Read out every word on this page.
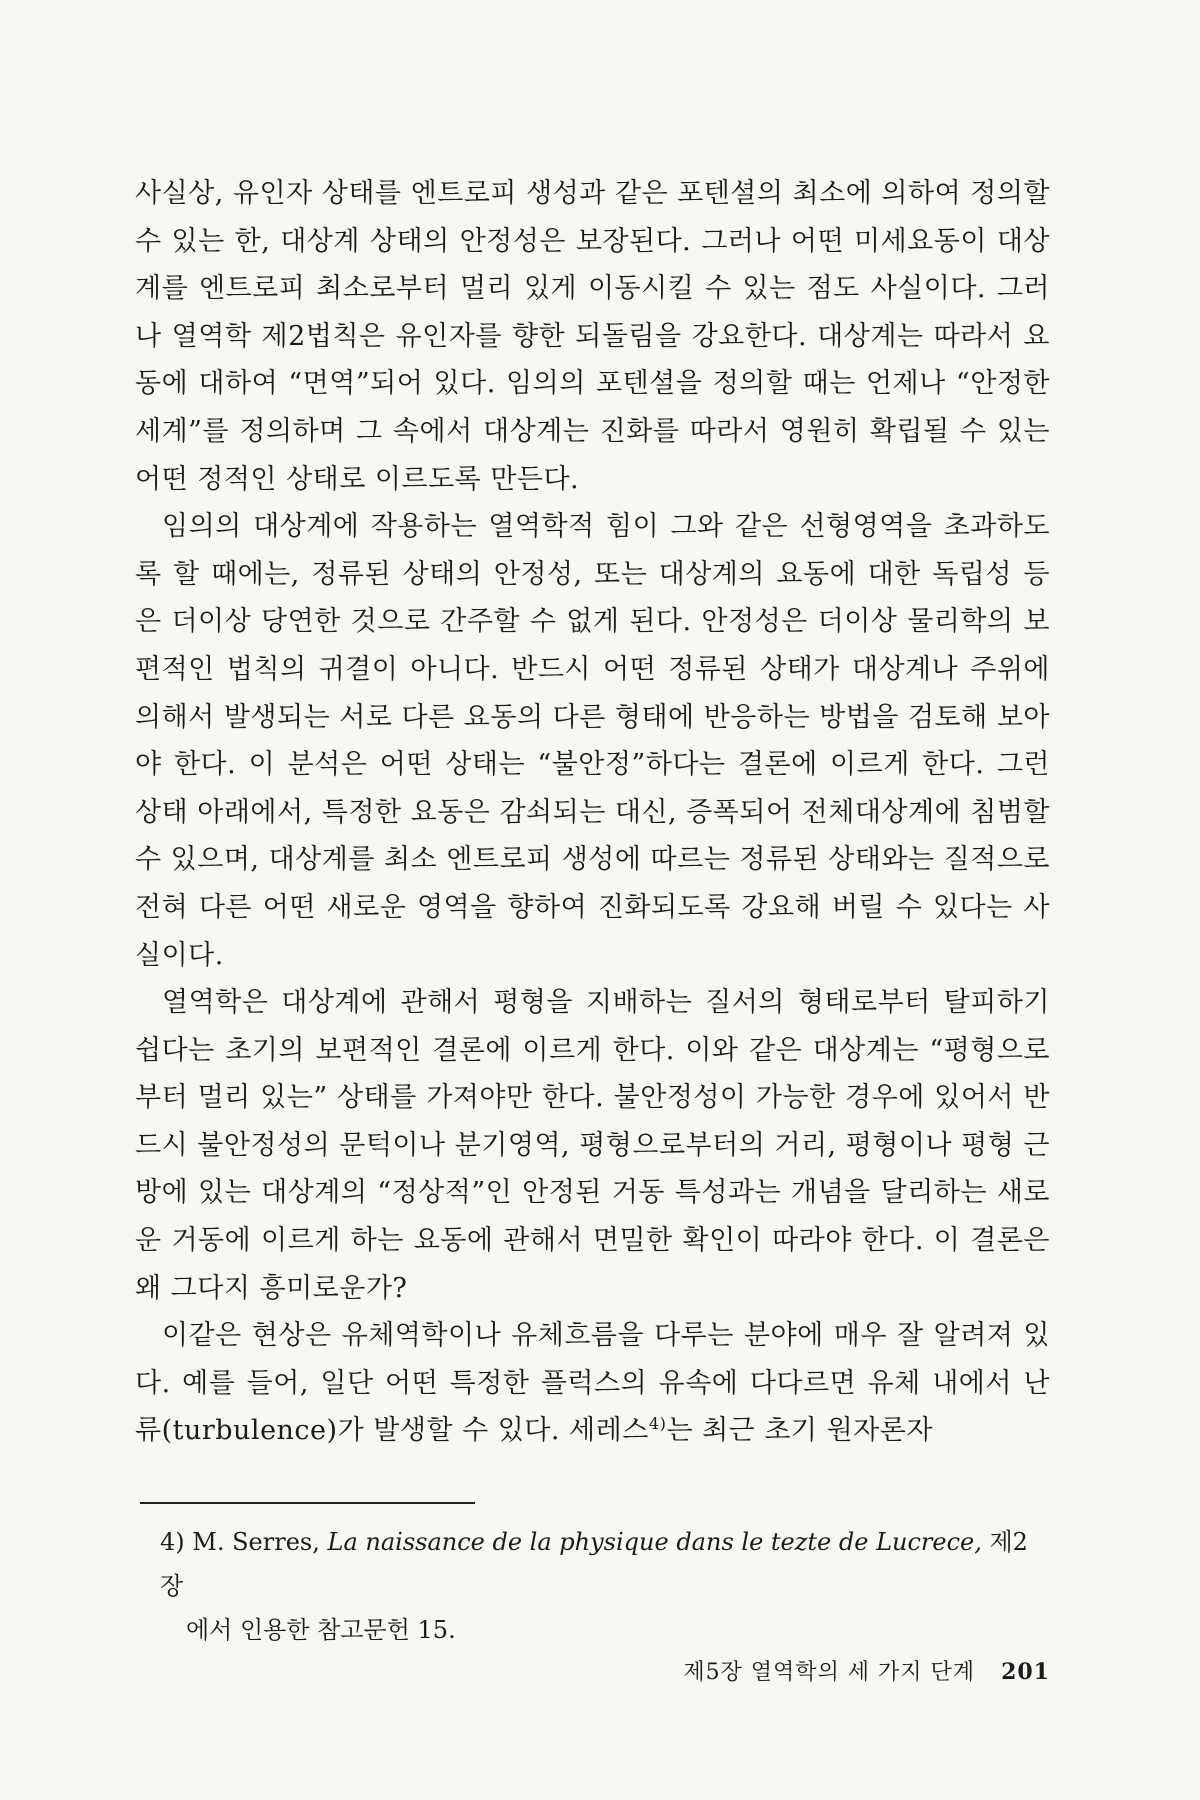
사실상, 유인자 상태를 엔트로피 생성과 같은 포텐셜의 최소에 의하여 정의할 수 있는 한, 대상계 상태의 안정성은 보장된다. 그러나 어떤 미세요동이 대상계를 엔트로피 최소로부터 멀리 있게 이동시킬 수 있는 점도 사실이다. 그러나 열역학 제2법칙은 유인자를 향한 되돌림을 강요한다. 대상계는 따라서 요동에 대하여 “면역”되어 있다. 임의의 포텐셜을 정의할 때는 언제나 “안정한 세계”를 정의하며 그 속에서 대상계는 진화를 따라서 영원히 확립될 수 있는 어떤 정적인 상태로 이르도록 만든다.

임의의 대상계에 작용하는 열역학적 힘이 그와 같은 선형영역을 초과하도록 할 때에는, 정류된 상태의 안정성, 또는 대상계의 요동에 대한 독립성 등은 더이상 당연한 것으로 간주할 수 없게 된다. 안정성은 더이상 물리학의 보편적인 법칙의 귀결이 아니다. 반드시 어떤 정류된 상태가 대상계나 주위에 의해서 발생되는 서로 다른 요동의 다른 형태에 반응하는 방법을 검토해 보아야 한다. 이 분석은 어떤 상태는 “불안정”하다는 결론에 이르게 한다. 그런 상태 아래에서, 특정한 요동은 감쇠되는 대신, 증폭되어 전체대상계에 침범할 수 있으며, 대상계를 최소 엔트로피 생성에 따르는 정류된 상태와는 질적으로 전혀 다른 어떤 새로운 영역을 향하여 진화되도록 강요해 버릴 수 있다는 사실이다.

열역학은 대상계에 관해서 평형을 지배하는 질서의 형태로부터 탈피하기 쉽다는 초기의 보편적인 결론에 이르게 한다. 이와 같은 대상계는 “평형으로부터 멀리 있는” 상태를 가져야만 한다. 불안정성이 가능한 경우에 있어서 반드시 불안정성의 문턱이나 분기영역, 평형으로부터의 거리, 평형이나 평형 근방에 있는 대상계의 “정상적”인 안정된 거동 특성과는 개념을 달리하는 새로운 거동에 이르게 하는 요동에 관해서 면밀한 확인이 따라야 한다. 이 결론은 왜 그다지 흥미로운가?

이같은 현상은 유체역학이나 유체흐름을 다루는 분야에 매우 잘 알려져 있다. 예를 들어, 일단 어떤 특정한 플럭스의 유속에 다다르면 유체 내에서 난류(turbulence)가 발생할 수 있다. 세레스$^{4)}$는 최근 초기 원자론자

4) M. Serres, La naissance de la physique dans le tezte de Lucrece, 제2장
에서 인용한 참고문헌 15.
제5장 열역학의 세 가지 단계 201
